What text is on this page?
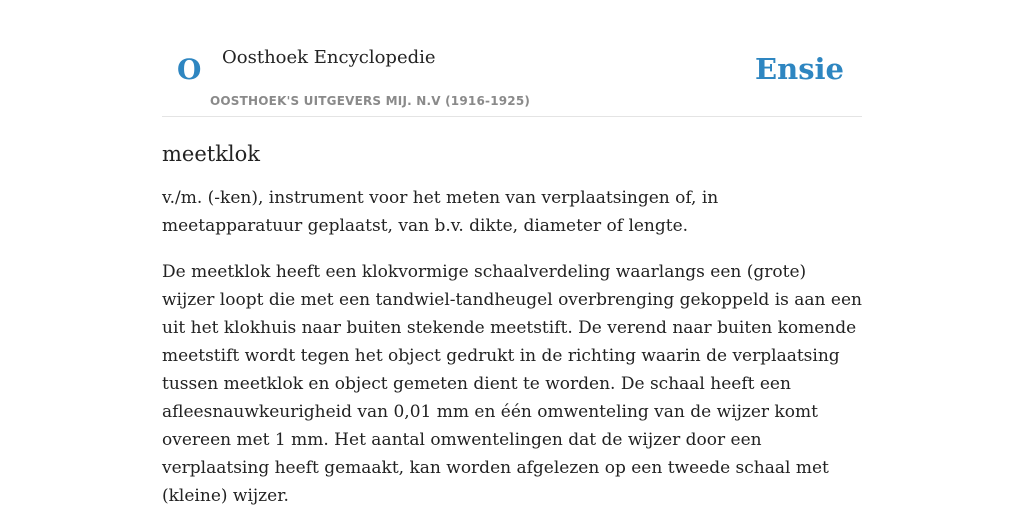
O Oosthoek Encyclopedie
OOSTHOEK'S UITGEVERS MIJ. N.V (1916-1925)
Ensie
meetklok

v./m. (-ken), instrument voor het meten van verplaatsingen of, in meetapparatuur geplaatst, van b.v. dikte, diameter of lengte.

De meetklok heeft een klokvormige schaalverdeling waarlangs een (grote) wijzer loopt die met een tandwiel-tandheugel overbrenging gekoppeld is aan een uit het klokhuis naar buiten stekende meetstift. De verend naar buiten komende meetstift wordt tegen het object gedrukt in de richting waarin de verplaatsing tussen meetklok en object gemeten dient te worden. De schaal heeft een afleesnauwkeurigheid van 0,01 mm en één omwenteling van de wijzer komt overeen met 1 mm. Het aantal omwentelingen dat de wijzer door een verplaatsing heeft gemaakt, kan worden afgelezen op een tweede schaal met (kleine) wijzer.
